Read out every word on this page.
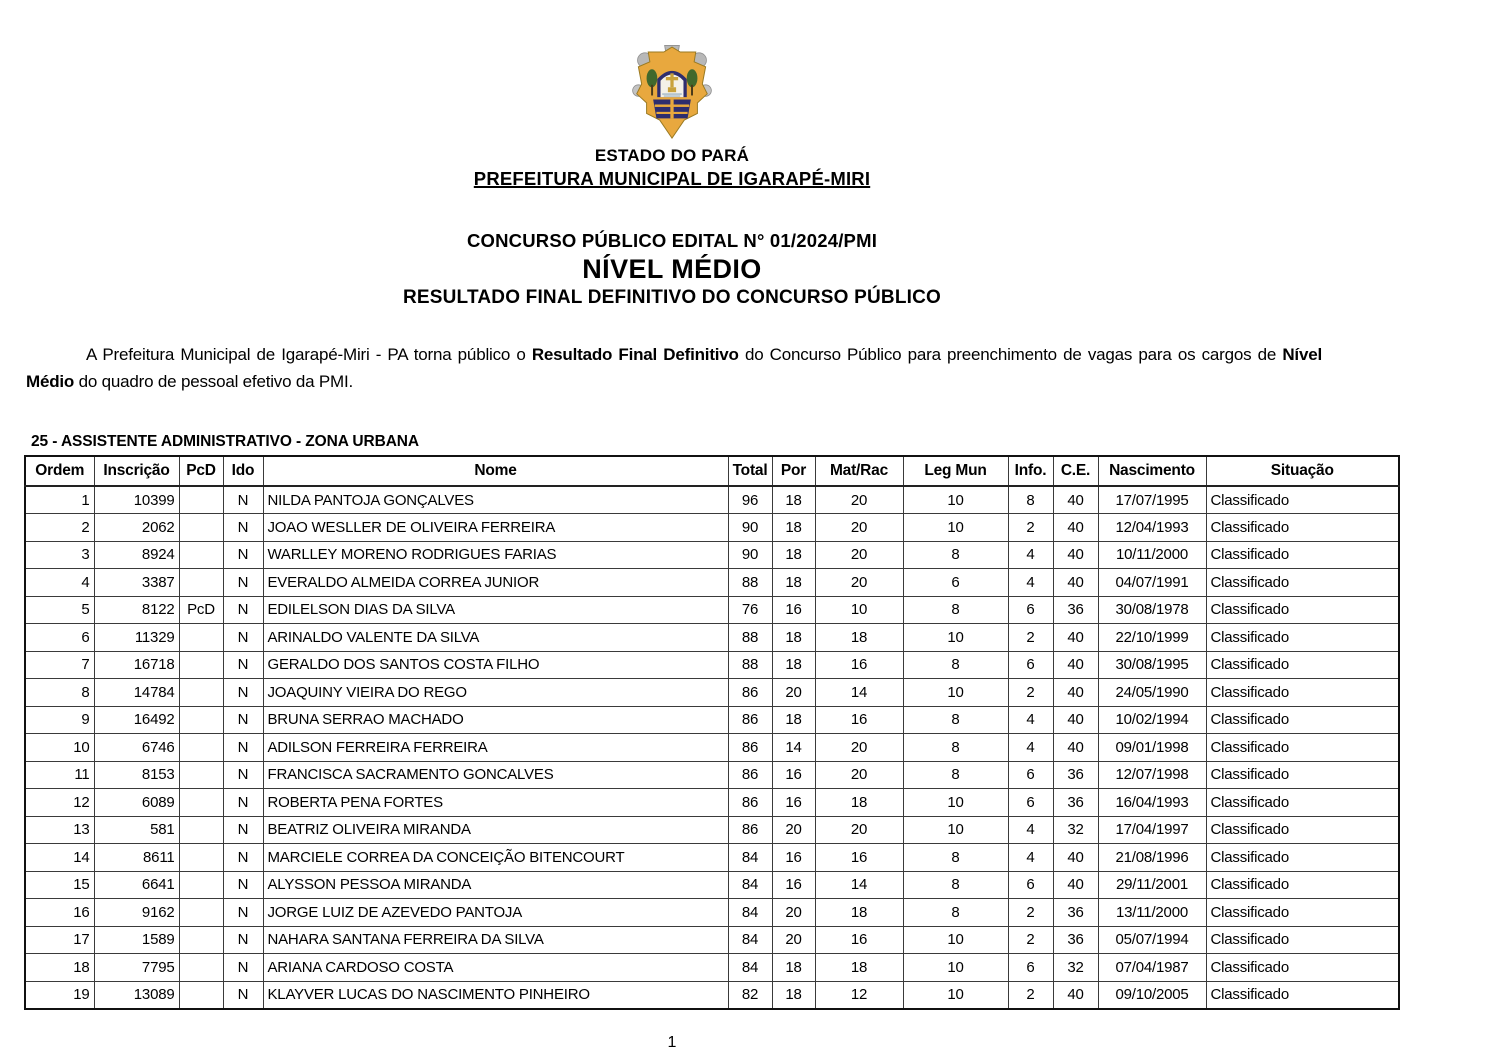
ESTADO DO PARÁ
PREFEITURA MUNICIPAL DE IGARAPÉ-MIRI
CONCURSO PÚBLICO EDITAL N° 01/2024/PMI
NÍVEL MÉDIO
RESULTADO FINAL DEFINITIVO DO CONCURSO PÚBLICO

A Prefeitura Municipal de Igarapé-Miri - PA torna público o Resultado Final Definitivo do Concurso Público para preenchimento de vagas para os cargos de Nível Médio do quadro de pessoal efetivo da PMI.

25 - ASSISTENTE ADMINISTRATIVO - ZONA URBANA
Ordem	Inscrição	PcD	Ido	Nome	Total	Por	Mat/Rac	Leg Mun	Info.	C.E.	Nascimento	Situação
1	10399		N	NILDA PANTOJA GONÇALVES	96	18	20	10	8	40	17/07/1995	Classificado
2	2062		N	JOAO WESLLER DE OLIVEIRA FERREIRA	90	18	20	10	2	40	12/04/1993	Classificado
3	8924		N	WARLLEY MORENO RODRIGUES FARIAS	90	18	20	8	4	40	10/11/2000	Classificado
4	3387		N	EVERALDO ALMEIDA CORREA JUNIOR	88	18	20	6	4	40	04/07/1991	Classificado
5	8122	PcD	N	EDILELSON DIAS DA SILVA	76	16	10	8	6	36	30/08/1978	Classificado
6	11329		N	ARINALDO VALENTE DA SILVA	88	18	18	10	2	40	22/10/1999	Classificado
7	16718		N	GERALDO DOS SANTOS COSTA FILHO	88	18	16	8	6	40	30/08/1995	Classificado
8	14784		N	JOAQUINY VIEIRA DO REGO	86	20	14	10	2	40	24/05/1990	Classificado
9	16492		N	BRUNA SERRAO MACHADO	86	18	16	8	4	40	10/02/1994	Classificado
10	6746		N	ADILSON FERREIRA FERREIRA	86	14	20	8	4	40	09/01/1998	Classificado
11	8153		N	FRANCISCA SACRAMENTO GONCALVES	86	16	20	8	6	36	12/07/1998	Classificado
12	6089		N	ROBERTA PENA FORTES	86	16	18	10	6	36	16/04/1993	Classificado
13	581		N	BEATRIZ OLIVEIRA MIRANDA	86	20	20	10	4	32	17/04/1997	Classificado
14	8611		N	MARCIELE CORREA DA CONCEIÇÃO BITENCOURT	84	16	16	8	4	40	21/08/1996	Classificado
15	6641		N	ALYSSON PESSOA MIRANDA	84	16	14	8	6	40	29/11/2001	Classificado
16	9162		N	JORGE LUIZ DE AZEVEDO PANTOJA	84	20	18	8	2	36	13/11/2000	Classificado
17	1589		N	NAHARA SANTANA FERREIRA DA SILVA	84	20	16	10	2	36	05/07/1994	Classificado
18	7795		N	ARIANA CARDOSO COSTA	84	18	18	10	6	32	07/04/1987	Classificado
19	13089		N	KLAYVER LUCAS DO NASCIMENTO PINHEIRO	82	18	12	10	2	40	09/10/2005	Classificado
1
